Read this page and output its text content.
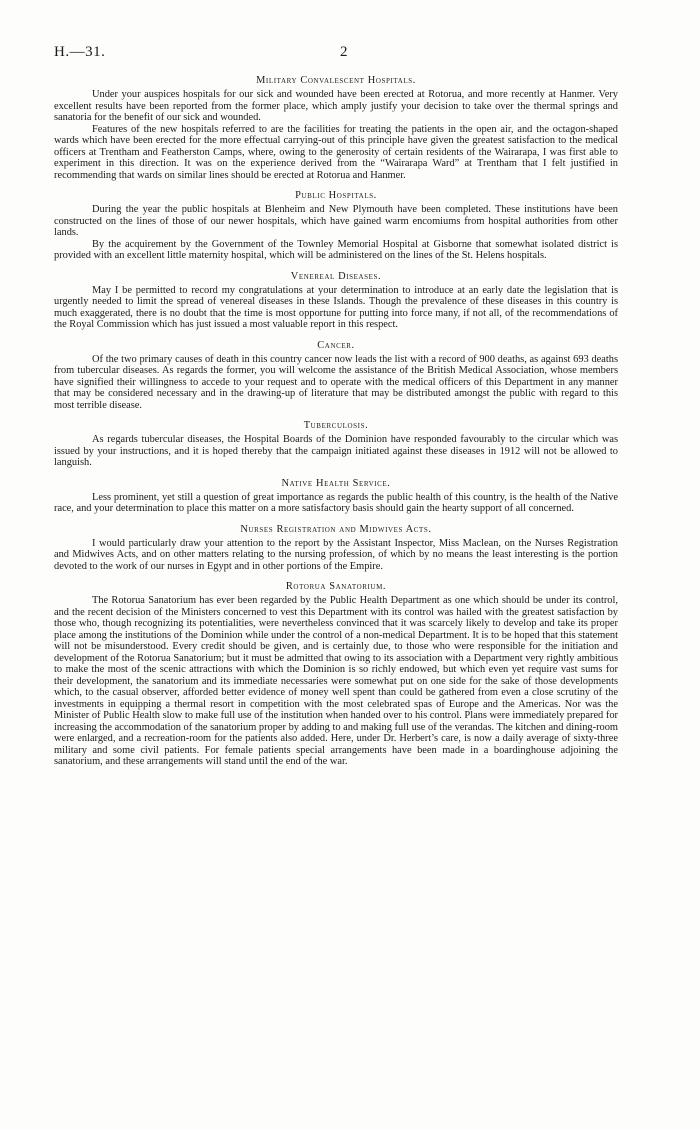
H.—31.	2
Military Convalescent Hospitals.

Under your auspices hospitals for our sick and wounded have been erected at Rotorua, and more recently at Hanmer. Very excellent results have been reported from the former place, which amply justify your decision to take over the thermal springs and sanatoria for the benefit of our sick and wounded.

Features of the new hospitals referred to are the facilities for treating the patients in the open air, and the octagon-shaped wards which have been erected for the more effectual carrying-out of this principle have given the greatest satisfaction to the medical officers at Trentham and Featherston Camps, where, owing to the generosity of certain residents of the Wairarapa, I was first able to experiment in this direction. It was on the experience derived from the “Wairarapa Ward” at Trentham that I felt justified in recommending that wards on similar lines should be erected at Rotorua and Hanmer.

Public Hospitals.

During the year the public hospitals at Blenheim and New Plymouth have been completed. These institutions have been constructed on the lines of those of our newer hospitals, which have gained warm encomiums from hospital authorities from other lands.

By the acquirement by the Government of the Townley Memorial Hospital at Gisborne that somewhat isolated district is provided with an excellent little maternity hospital, which will be administered on the lines of the St. Helens hospitals.

Venereal Diseases.

May I be permitted to record my congratulations at your determination to introduce at an early date the legislation that is urgently needed to limit the spread of venereal diseases in these Islands. Though the prevalence of these diseases in this country is much exaggerated, there is no doubt that the time is most opportune for putting into force many, if not all, of the recommendations of the Royal Commission which has just issued a most valuable report in this respect.

Cancer.

Of the two primary causes of death in this country cancer now leads the list with a record of 900 deaths, as against 693 deaths from tubercular diseases. As regards the former, you will welcome the assistance of the British Medical Association, whose members have signified their willingness to accede to your request and to operate with the medical officers of this Department in any manner that may be considered necessary and in the drawing-up of literature that may be distributed amongst the public with regard to this most terrible disease.

Tuberculosis.

As regards tubercular diseases, the Hospital Boards of the Dominion have responded favourably to the circular which was issued by your instructions, and it is hoped thereby that the campaign initiated against these diseases in 1912 will not be allowed to languish.

Native Health Service.

Less prominent, yet still a question of great importance as regards the public health of this country, is the health of the Native race, and your determination to place this matter on a more satisfactory basis should gain the hearty support of all concerned.

Nurses Registration and Midwives Acts.

I would particularly draw your attention to the report by the Assistant Inspector, Miss Maclean, on the Nurses Registration and Midwives Acts, and on other matters relating to the nursing profession, of which by no means the least interesting is the portion devoted to the work of our nurses in Egypt and in other portions of the Empire.

Rotorua Sanatorium.

The Rotorua Sanatorium has ever been regarded by the Public Health Department as one which should be under its control, and the recent decision of the Ministers concerned to vest this Department with its control was hailed with the greatest satisfaction by those who, though recognizing its potentialities, were nevertheless convinced that it was scarcely likely to develop and take its proper place among the institutions of the Dominion while under the control of a non-medical Department. It is to be hoped that this statement will not be misunderstood. Every credit should be given, and is certainly due, to those who were responsible for the initiation and development of the Rotorua Sanatorium; but it must be admitted that owing to its association with a Department very rightly ambitious to make the most of the scenic attractions with which the Dominion is so richly endowed, but which even yet require vast sums for their development, the sanatorium and its immediate necessaries were somewhat put on one side for the sake of those developments which, to the casual observer, afforded better evidence of money well spent than could be gathered from even a close scrutiny of the investments in equipping a thermal resort in competition with the most celebrated spas of Europe and the Americas. Nor was the Minister of Public Health slow to make full use of the institution when handed over to his control. Plans were immediately prepared for increasing the accommodation of the sanatorium proper by adding to and making full use of the verandas. The kitchen and dining-room were enlarged, and a recreation-room for the patients also added. Here, under Dr. Herbert’s care, is now a daily average of sixty-three military and some civil patients. For female patients special arrangements have been made in a boardinghouse adjoining the sanatorium, and these arrangements will stand until the end of the war.
